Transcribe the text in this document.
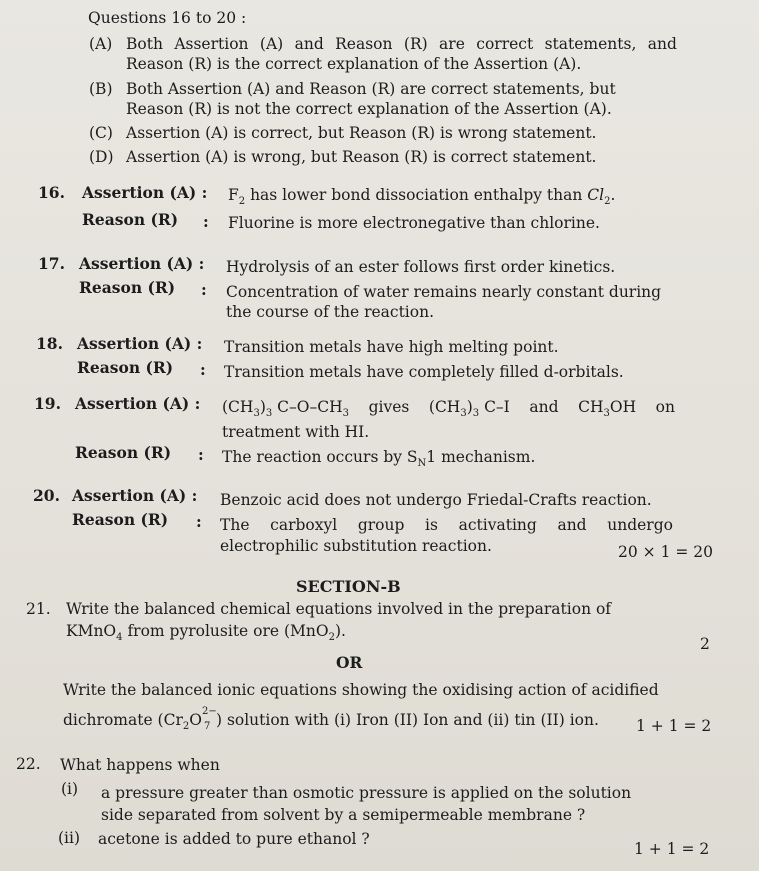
Questions 16 to 20 :
(A) Both Assertion (A) and Reason (R) are correct statements, and
Reason (R) is the correct explanation of the Assertion (A).
(B) Both Assertion (A) and Reason (R) are correct statements, but
Reason (R) is not the correct explanation of the Assertion (A).
(C) Assertion (A) is correct, but Reason (R) is wrong statement.
(D) Assertion (A) is wrong, but Reason (R) is correct statement.
16. Assertion (A) : $F_2$ has lower bond dissociation enthalpy than $Cl_2$.
Reason (R) : Fluorine is more electronegative than chlorine.
17. Assertion (A) : Hydrolysis of an ester follows first order kinetics.
Reason (R) : Concentration of water remains nearly constant during
the course of the reaction.
18. Assertion (A) : Transition metals have high melting point.
Reason (R) : Transition metals have completely filled d-orbitals.
19. Assertion (A) : $(CH_3)_3$ $C-O-CH_3$ gives $(CH_3)_3$ C–I and $CH_3OH$ on
treatment with HI.
Reason (R) : The reaction occurs by $S_N1$ mechanism.
20. Assertion (A) : Benzoic acid does not undergo Friedal-Crafts reaction.
Reason (R) : The carboxyl group is activating and undergo
electrophilic substitution reaction.	20 × 1 = 20
SECTION-B
21. Write the balanced chemical equations involved in the preparation of
KMnO$_4$ from pyrolusite ore (MnO$_2$).
2
OR
Write the balanced ionic equations showing the oxidising action of acidified
dichromate ($Cr_2O$ 2−
7 ) solution with (i) Iron (II) Ion and (ii) tin (II) ion. 1 + 1 = 2
22. What happens when
(i) a pressure greater than osmotic pressure is applied on the solution
side separated from solvent by a semipermeable membrane ?
(ii) acetone is added to pure ethanol ?
1 + 1 = 2
